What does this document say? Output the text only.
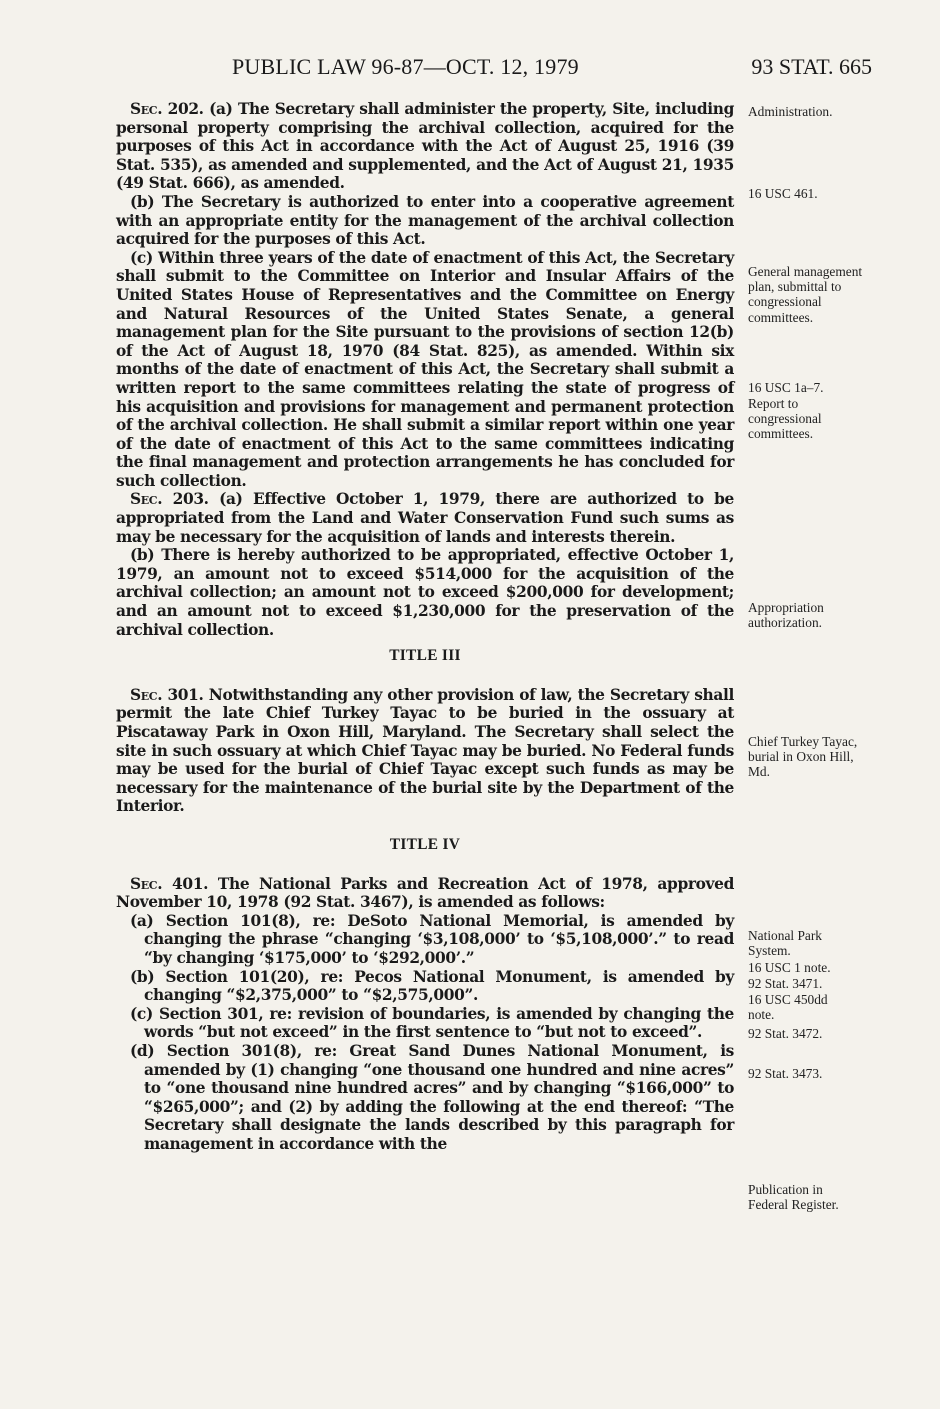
PUBLIC LAW 96-87—OCT. 12, 1979	93 STAT. 665

Sec. 202. (a) The Secretary shall administer the property, Site, including personal property comprising the archival collection, acquired for the purposes of this Act in accordance with the Act of August 25, 1916 (39 Stat. 535), as amended and supplemented, and the Act of August 21, 1935 (49 Stat. 666), as amended.

(b) The Secretary is authorized to enter into a cooperative agreement with an appropriate entity for the management of the archival collection acquired for the purposes of this Act.

(c) Within three years of the date of enactment of this Act, the Secretary shall submit to the Committee on Interior and Insular Affairs of the United States House of Representatives and the Committee on Energy and Natural Resources of the United States Senate, a general management plan for the Site pursuant to the provisions of section 12(b) of the Act of August 18, 1970 (84 Stat. 825), as amended. Within six months of the date of enactment of this Act, the Secretary shall submit a written report to the same committees relating the state of progress of his acquisition and provisions for management and permanent protection of the archival collection. He shall submit a similar report within one year of the date of enactment of this Act to the same committees indicating the final management and protection arrangements he has concluded for such collection.

Sec. 203. (a) Effective October 1, 1979, there are authorized to be appropriated from the Land and Water Conservation Fund such sums as may be necessary for the acquisition of lands and interests therein.

(b) There is hereby authorized to be appropriated, effective October 1, 1979, an amount not to exceed $514,000 for the acquisition of the archival collection; an amount not to exceed $200,000 for development; and an amount not to exceed $1,230,000 for the preservation of the archival collection.

TITLE III

Sec. 301. Notwithstanding any other provision of law, the Secretary shall permit the late Chief Turkey Tayac to be buried in the ossuary at Piscataway Park in Oxon Hill, Maryland. The Secretary shall select the site in such ossuary at which Chief Tayac may be buried. No Federal funds may be used for the burial of Chief Tayac except such funds as may be necessary for the maintenance of the burial site by the Department of the Interior.

TITLE IV

Sec. 401. The National Parks and Recreation Act of 1978, approved November 10, 1978 (92 Stat. 3467), is amended as follows:

(a) Section 101(8), re: DeSoto National Memorial, is amended by changing the phrase “changing ‘$3,108,000’ to ‘$5,108,000’.” to read “by changing ‘$175,000’ to ‘$292,000’.”

(b) Section 101(20), re: Pecos National Monument, is amended by changing “$2,375,000” to “$2,575,000”.

(c) Section 301, re: revision of boundaries, is amended by changing the words “but not exceed” in the first sentence to “but not to exceed”.

(d) Section 301(8), re: Great Sand Dunes National Monument, is amended by (1) changing “one thousand one hundred and nine acres” to “one thousand nine hundred acres” and by changing “$166,000” to “$265,000”; and (2) by adding the following at the end thereof: “The Secretary shall designate the lands described by this paragraph for management in accordance with the

Administration.
16 USC 461.
General management plan, submittal to congressional committees.
16 USC 1a–7.
Report to congressional committees.
Appropriation authorization.
Chief Turkey Tayac, burial in Oxon Hill, Md.
National Park System.
16 USC 1 note.
92 Stat. 3471.
16 USC 450dd note.
92 Stat. 3472.
92 Stat. 3473.
Publication in Federal Register.
